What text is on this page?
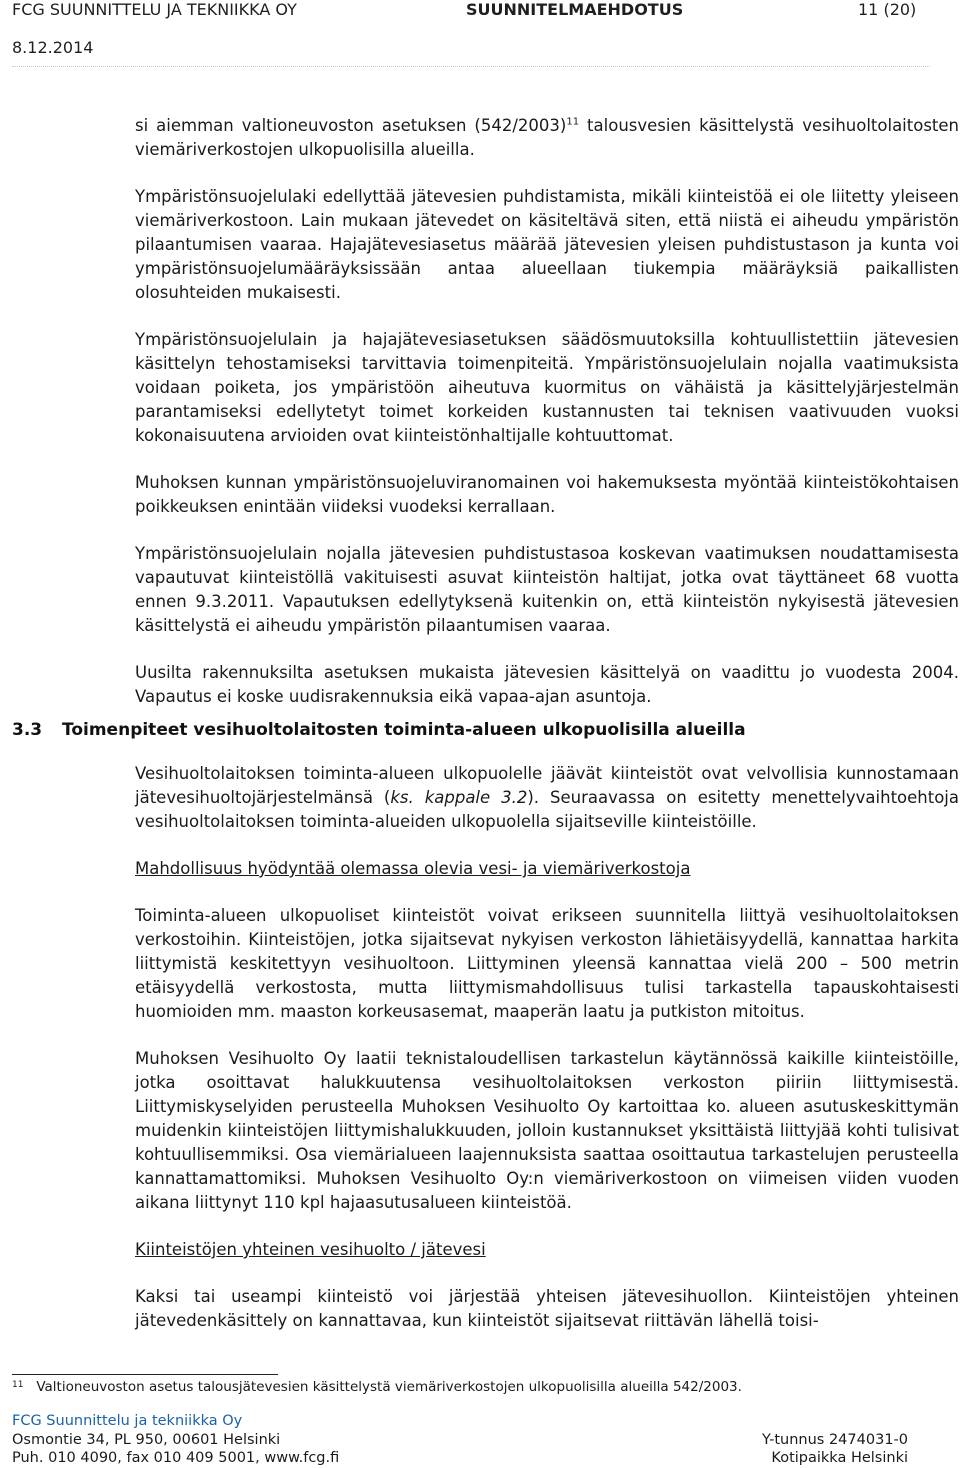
FCG SUUNNITTELU JA TEKNIIKKA OY	SUUNNITELMAEHDOTUS	11 (20)
8.12.2014

si aiemman valtioneuvoston asetuksen $(542/2003)^{11}$ talousvesien käsittelystä vesihuoltolaitosten viemäriverkostojen ulkopuolisilla alueilla.

Ympäristönsuojelulaki edellyttää jätevesien puhdistamista, mikäli kiinteistöä ei ole liitetty yleiseen viemäriverkostoon. Lain mukaan jätevedet on käsiteltävä siten, että niistä ei aiheudu ympäristön pilaantumisen vaaraa. Hajajätevesiasetus määrää jätevesien yleisen puhdistustason ja kunta voi ympäristönsuojelumääräyksissään antaa alueellaan tiukempia määräyksiä paikallisten olosuhteiden mukaisesti.

Ympäristönsuojelulain ja hajajätevesiasetuksen säädösmuutoksilla kohtuullistettiin jätevesien käsittelyn tehostamiseksi tarvittavia toimenpiteitä. Ympäristönsuojelulain nojalla vaatimuksista voidaan poiketa, jos ympäristöön aiheutuva kuormitus on vähäistä ja käsittelyjärjestelmän parantamiseksi edellytetyt toimet korkeiden kustannusten tai teknisen vaativuuden vuoksi kokonaisuutena arvioiden ovat kiinteistönhaltijalle kohtuuttomat.

Muhoksen kunnan ympäristönsuojeluviranomainen voi hakemuksesta myöntää kiinteistökohtaisen poikkeuksen enintään viideksi vuodeksi kerrallaan.

Ympäristönsuojelulain nojalla jätevesien puhdistustasoa koskevan vaatimuksen noudattamisesta vapautuvat kiinteistöllä vakituisesti asuvat kiinteistön haltijat, jotka ovat täyttäneet 68 vuotta ennen 9.3.2011. Vapautuksen edellytyksenä kuitenkin on, että kiinteistön nykyisestä jätevesien käsittelystä ei aiheudu ympäristön pilaantumisen vaaraa.

Uusilta rakennuksilta asetuksen mukaista jätevesien käsittelyä on vaadittu jo vuodesta 2004. Vapautus ei koske uudisrakennuksia eikä vapaa-ajan asuntoja.

3.3 Toimenpiteet vesihuoltolaitosten toiminta-alueen ulkopuolisilla alueilla

Vesihuoltolaitoksen toiminta-alueen ulkopuolelle jäävät kiinteistöt ovat velvollisia kunnostamaan jätevesihuoltojärjestelmänsä (ks. kappale 3.2). Seuraavassa on esitetty menettelyvaihtoehtoja vesihuoltolaitoksen toiminta-alueiden ulkopuolella sijaitseville kiinteistöille.

Mahdollisuus hyödyntää olemassa olevia vesi- ja viemäriverkostoja

Toiminta-alueen ulkopuoliset kiinteistöt voivat erikseen suunnitella liittyä vesihuoltolaitoksen verkostoihin. Kiinteistöjen, jotka sijaitsevat nykyisen verkoston lähietäisyydellä, kannattaa harkita liittymistä keskitettyyn vesihuoltoon. Liittyminen yleensä kannattaa vielä 200 – 500 metrin etäisyydellä verkostosta, mutta liittymismahdollisuus tulisi tarkastella tapauskohtaisesti huomioiden mm. maaston korkeusasemat, maaperän laatu ja putkiston mitoitus.

Muhoksen Vesihuolto Oy laatii teknistaloudellisen tarkastelun käytännössä kaikille kiinteistöille, jotka osoittavat halukkuutensa vesihuoltolaitoksen verkoston piiriin liittymisestä. Liittymiskyselyiden perusteella Muhoksen Vesihuolto Oy kartoittaa ko. alueen asutuskeskittymän muidenkin kiinteistöjen liittymishalukkuuden, jolloin kustannukset yksittäistä liittyjää kohti tulisivat kohtuullisemmiksi. Osa viemärialueen laajennuksista saattaa osoittautua tarkastelujen perusteella kannattamattomiksi. Muhoksen Vesihuolto Oy:n viemäriverkostoon on viimeisen viiden vuoden aikana liittynyt 110 kpl hajaasutusalueen kiinteistöä.

Kiinteistöjen yhteinen vesihuolto / jätevesi

Kaksi tai useampi kiinteistö voi järjestää yhteisen jätevesihuollon. Kiinteistöjen yhteinen jätevedenkäsittely on kannattavaa, kun kiinteistöt sijaitsevat riittävän lähellä toisi-

$^{11}$ Valtioneuvoston asetus talousjätevesien käsittelystä viemäriverkostojen ulkopuolisilla alueilla 542/2003.
FCG Suunnittelu ja tekniikka Oy
Osmontie 34, PL 950, 00601 Helsinki
Puh. 010 4090, fax 010 409 5001, www.fcg.fi
Y-tunnus 2474031-0
Kotipaikka Helsinki
